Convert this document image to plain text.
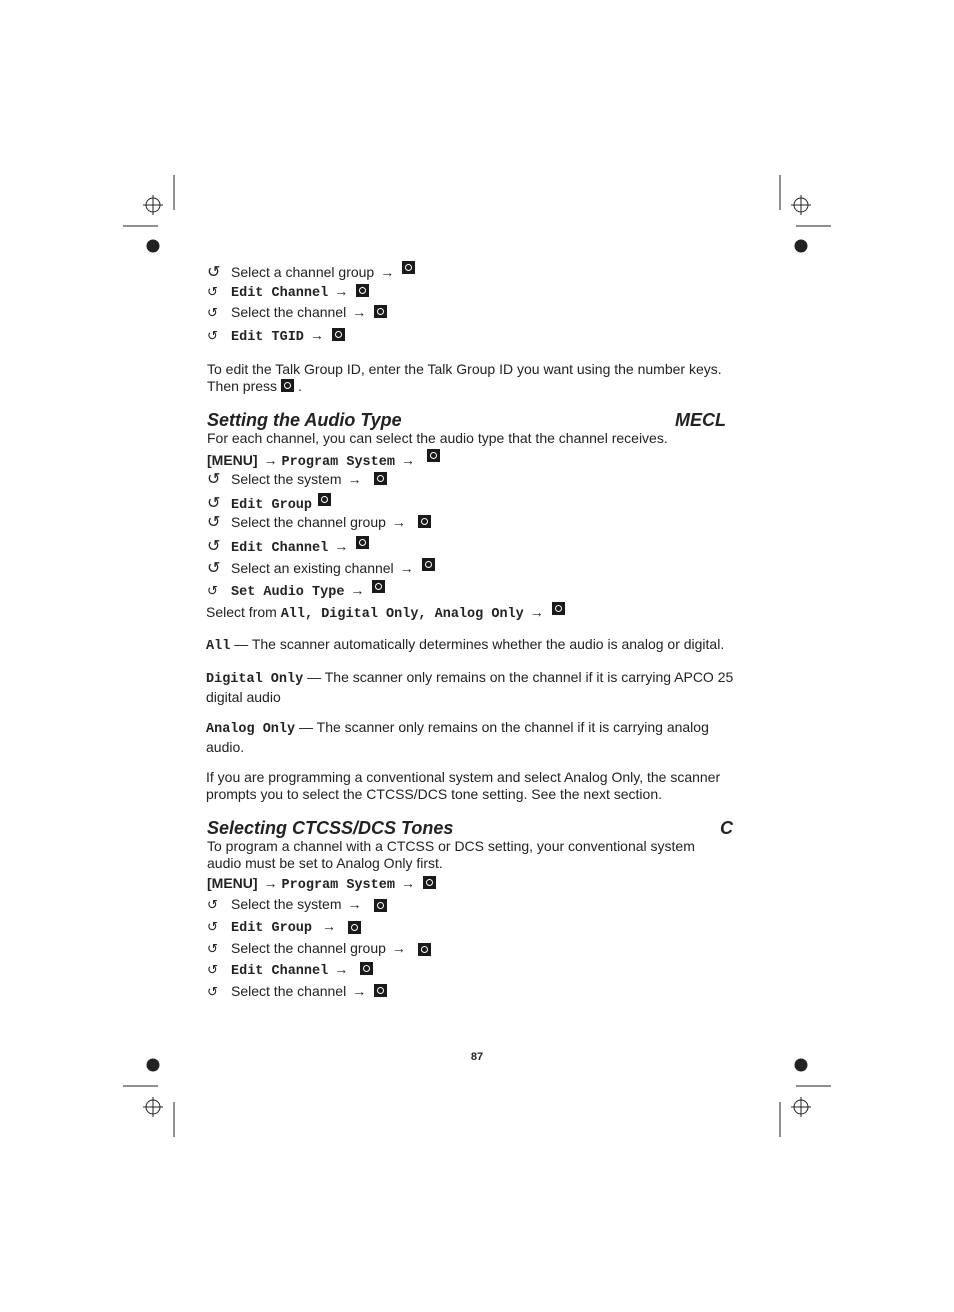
↺ Select a channel group →
↺ Edit Channel →
↺ Select the channel →
↺ Edit TGID →
To edit the Talk Group ID, enter the Talk Group ID you want using the number keys.
Then press .
Setting the Audio Type	MECL
For each channel, you can select the audio type that the channel receives.
[MENU] → Program System →
↺ Select the system →
↺ Edit Group
↺ Select the channel group →
↺ Edit Channel →
↺ Select an existing channel →
↺ Set Audio Type →
Select from All, Digital Only, Analog Only →
All — The scanner automatically determines whether the audio is analog or digital.
Digital Only — The scanner only remains on the channel if it is carrying APCO 25 digital audio
Analog Only — The scanner only remains on the channel if it is carrying analog audio.
If you are programming a conventional system and select Analog Only, the scanner prompts you to select the CTCSS/DCS tone setting. See the next section.
Selecting CTCSS/DCS Tones	C
To program a channel with a CTCSS or DCS setting, your conventional system audio must be set to Analog Only first.
[MENU] → Program System →
↺ Select the system →
↺ Edit Group →
↺ Select the channel group →
↺ Edit Channel →
↺ Select the channel →
87
